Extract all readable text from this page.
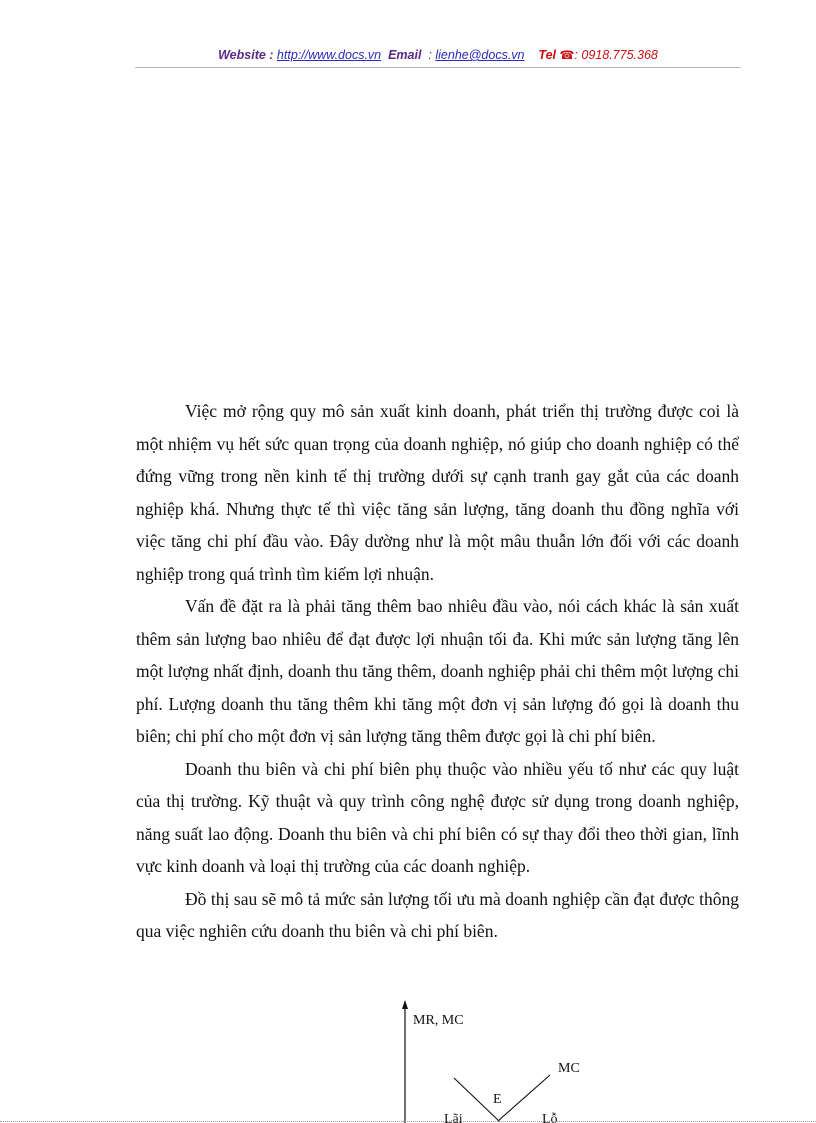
Website : http://www.docs.vn Email  : lienhe@docs.vn Tel ☎: 0918.775.368

Việc mở rộng quy mô sản xuất kinh doanh, phát triển thị trường được coi là một nhiệm vụ hết sức quan trọng của doanh nghiệp, nó giúp cho doanh nghiệp có thể đứng vững trong nền kinh tế thị trường dưới sự cạnh tranh gay gắt của các doanh nghiệp khá. Nhưng thực tế thì việc tăng sản lượng, tăng doanh thu đồng nghĩa với việc tăng chi phí đầu vào. Đây dường như là một mâu thuẫn lớn đối với các doanh nghiệp trong quá trình tìm kiếm lợi nhuận.

Vấn đề đặt ra là phải tăng thêm bao nhiêu đầu vào, nói cách khác là sản xuất thêm sản lượng bao nhiêu để đạt được lợi nhuận tối đa. Khi mức sản lượng tăng lên một lượng nhất định, doanh thu tăng thêm, doanh nghiệp phải chi thêm một lượng chi phí. Lượng doanh thu tăng thêm khi tăng một đơn vị sản lượng đó gọi là doanh thu biên; chi phí cho một đơn vị sản lượng tăng thêm được gọi là chi phí biên.

Doanh thu biên và chi phí biên phụ thuộc vào nhiều yếu tố như các quy luật của thị trường. Kỹ thuật và quy trình công nghệ được sử dụng trong doanh nghiệp, năng suất lao động. Doanh thu biên và chi phí biên có sự thay đổi theo thời gian, lĩnh vực kinh doanh và loại thị trường của các doanh nghiệp.

Đồ thị sau sẽ mô tả mức sản lượng tối ưu mà doanh nghiệp cần đạt được thông qua việc nghiên cứu doanh thu biên và chi phí biên.

MR, MC
MC
E
Lãi	Lỗ
